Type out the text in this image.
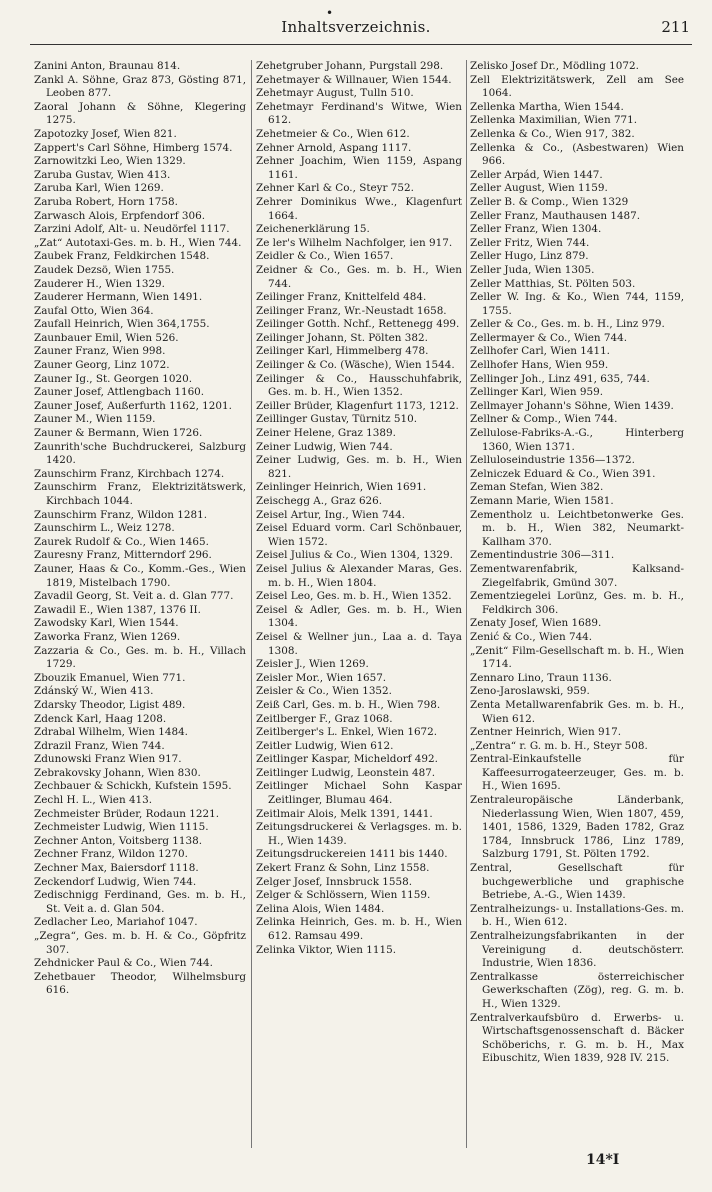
•
Inhaltsverzeichnis.	211

Zanini Anton, Braunau 814.

Zankl A. Söhne, Graz 873, Gösting 871, Leoben 877.

Zaoral Johann & Söhne, Klegering 1275.

Zapotozky Josef, Wien 821.

Zappert's Carl Söhne, Himberg 1574.

Zarnowitzki Leo, Wien 1329.

Zaruba Gustav, Wien 413.

Zaruba Karl, Wien 1269.

Zaruba Robert, Horn 1758.

Zarwasch Alois, Erpfendorf 306.

Zarzini Adolf, Alt- u. Neudörfel 1117.

„Zat“ Autotaxi-Ges. m. b. H., Wien 744.

Zaubek Franz, Feldkirchen 1548.

Zaudek Dezsö, Wien 1755.

Zauderer H., Wien 1329.

Zauderer Hermann, Wien 1491.

Zaufal Otto, Wien 364.

Zaufall Heinrich, Wien 364,1755.

Zaunbauer Emil, Wien 526.

Zauner Franz, Wien 998.

Zauner Georg, Linz 1072.

Zauner Ig., St. Georgen 1020.

Zauner Josef, Attlengbach 1160.

Zauner Josef, Außerfurth 1162, 1201.

Zauner M., Wien 1159.

Zauner & Bermann, Wien 1726.

Zaunrith'sche Buchdruckerei, Salzburg 1420.

Zaunschirm Franz, Kirchbach 1274.

Zaunschirm Franz, Elektrizitätswerk, Kirchbach 1044.

Zaunschirm Franz, Wildon 1281.

Zaunschirm L., Weiz 1278.

Zaurek Rudolf & Co., Wien 1465.

Zauresny Franz, Mitterndorf 296.

Zauner, Haas & Co., Komm.-Ges., Wien 1819, Mistelbach 1790.

Zavadil Georg, St. Veit a. d. Glan 777.

Zawadil E., Wien 1387, 1376 II.

Zawodsky Karl, Wien 1544.

Zaworka Franz, Wien 1269.

Zazzaria & Co., Ges. m. b. H., Villach 1729.

Zbouzik Emanuel, Wien 771.

Zdánský W., Wien 413.

Zdarsky Theodor, Ligist 489.

Zdenck Karl, Haag 1208.

Zdrabal Wilhelm, Wien 1484.

Zdrazil Franz, Wien 744.

Zdunowski Franz Wien 917.

Zebrakovsky Johann, Wien 830.

Zechbauer & Schickh, Kufstein 1595.

Zechl H. L., Wien 413.

Zechmeister Brüder, Rodaun 1221.

Zechmeister Ludwig, Wien 1115.

Zechner Anton, Voitsberg 1138.

Zechner Franz, Wildon 1270.

Zechner Max, Baiersdorf 1118.

Zeckendorf Ludwig, Wien 744.

Zedischnigg Ferdinand, Ges. m. b. H., St. Veit a. d. Glan 504.

Zedlacher Leo, Mariahof 1047.

„Zegra“, Ges. m. b. H. & Co., Göpfritz 307.

Zehdnicker Paul & Co., Wien 744.

Zehetbauer Theodor, Wilhelmsburg 616.

Zehetgruber Johann, Purgstall 298.

Zehetmayer & Willnauer, Wien 1544.

Zehetmayr August, Tulln 510.

Zehetmayr Ferdinand's Witwe, Wien 612.

Zehetmeier & Co., Wien 612.

Zehner Arnold, Aspang 1117.

Zehner Joachim, Wien 1159, Aspang 1161.

Zehner Karl & Co., Steyr 752.

Zehrer Dominikus Wwe., Klagenfurt 1664.

Zeichenerklärung 15.

Ze ler's Wilhelm Nachfolger, ien 917.

Zeidler & Co., Wien 1657.

Zeidner & Co., Ges. m. b. H., Wien 744.

Zeilinger Franz, Knittelfeld 484.

Zeilinger Franz, Wr.-Neustadt 1658.

Zeilinger Gotth. Nchf., Rettenegg 499.

Zeilinger Johann, St. Pölten 382.

Zeilinger Karl, Himmelberg 478.

Zeilinger & Co. (Wäsche), Wien 1544.

Zeilinger & Co., Hausschuhfabrik, Ges. m. b. H., Wien 1352.

Zeiller Brüder, Klagenfurt 1173, 1212.

Zeillinger Gustav, Türnitz 510.

Zeiner Helene, Graz 1389.

Zeiner Ludwig, Wien 744.

Zeiner Ludwig, Ges. m. b. H., Wien 821.

Zeinlinger Heinrich, Wien 1691.

Zeischegg A., Graz 626.

Zeisel Artur, Ing., Wien 744.

Zeisel Eduard vorm. Carl Schönbauer, Wien 1572.

Zeisel Julius & Co., Wien 1304, 1329.

Zeisel Julius & Alexander Maras, Ges. m. b. H., Wien 1804.

Zeisel Leo, Ges. m. b. H., Wien 1352.

Zeisel & Adler, Ges. m. b. H., Wien 1304.

Zeisel & Wellner jun., Laa a. d. Taya 1308.

Zeisler J., Wien 1269.

Zeisler Mor., Wien 1657.

Zeisler & Co., Wien 1352.

Zeiß Carl, Ges. m. b. H., Wien 798.

Zeitlberger F., Graz 1068.

Zeitlberger's L. Enkel, Wien 1672.

Zeitler Ludwig, Wien 612.

Zeitlinger Kaspar, Micheldorf 492.

Zeitlinger Ludwig, Leonstein 487.

Zeitlinger Michael Sohn Kaspar Zeitlinger, Blumau 464.

Zeitlmair Alois, Melk 1391, 1441.

Zeitungsdruckerei & Verlagsges. m. b. H., Wien 1439.

Zeitungsdruckereien 1411 bis 1440.

Zekert Franz & Sohn, Linz 1558.

Zelger Josef, Innsbruck 1558.

Zelger & Schlössern, Wien 1159.

Zelina Alois, Wien 1484.

Zelinka Heinrich, Ges. m. b. H., Wien 612. Ramsau 499.

Zelinka Viktor, Wien 1115.

Zelisko Josef Dr., Mödling 1072.

Zell Elektrizitätswerk, Zell am See 1064.

Zellenka Martha, Wien 1544.

Zellenka Maximilian, Wien 771.

Zellenka & Co., Wien 917, 382.

Zellenka & Co., (Asbestwaren) Wien 966.

Zeller Arpád, Wien 1447.

Zeller August, Wien 1159.

Zeller B. & Comp., Wien 1329

Zeller Franz, Mauthausen 1487.

Zeller Franz, Wien 1304.

Zeller Fritz, Wien 744.

Zeller Hugo, Linz 879.

Zeller Juda, Wien 1305.

Zeller Matthias, St. Pölten 503.

Zeller W. Ing. & Ko., Wien 744, 1159, 1755.

Zeller & Co., Ges. m. b. H., Linz 979.

Zellermayer & Co., Wien 744.

Zellhofer Carl, Wien 1411.

Zellhofer Hans, Wien 959.

Zellinger Joh., Linz 491, 635, 744.

Zellinger Karl, Wien 959.

Zellmayer Johann's Söhne, Wien 1439.

Zellner & Comp., Wien 744.

Zellulose-Fabriks-A.-G., Hinterberg 1360, Wien 1371.

Zelluloseindustrie 1356—1372.

Zelniczek Eduard & Co., Wien 391.

Zeman Stefan, Wien 382.

Zemann Marie, Wien 1581.

Zementholz u. Leichtbetonwerke Ges. m. b. H., Wien 382, Neumarkt-Kallham 370.

Zementindustrie 306—311.

Zementwarenfabrik, Kalksand-Ziegelfabrik, Gmünd 307.

Zementziegelei Lorünz, Ges. m. b. H., Feldkirch 306.

Zenaty Josef, Wien 1689.

Zenić & Co., Wien 744.

„Zenit“ Film-Gesellschaft m. b. H., Wien 1714.

Zennaro Lino, Traun 1136.

Zeno-Jaroslawski, 959.

Zenta Metallwarenfabrik Ges. m. b. H., Wien 612.

Zentner Heinrich, Wien 917.

„Zentra“ r. G. m. b. H., Steyr 508.

Zentral-Einkaufstelle für Kaffeesurrogateerzeuger, Ges. m. b. H., Wien 1695.

Zentraleuropäische Länderbank, Niederlassung Wien, Wien 1807, 459, 1401, 1586, 1329, Baden 1782, Graz 1784, Innsbruck 1786, Linz 1789, Salzburg 1791, St. Pölten 1792.

Zentral, Gesellschaft für buchgewerbliche und graphische Betriebe, A.-G., Wien 1439.

Zentralheizungs- u. Installations-Ges. m. b. H., Wien 612.

Zentralheizungsfabrikanten in der Vereinigung d. deutschösterr. Industrie, Wien 1836.

Zentralkasse österreichischer Gewerkschaften (Zög), reg. G. m. b. H., Wien 1329.

Zentralverkaufsbüro d. Erwerbs- u. Wirtschaftsgenossenschaft d. Bäcker Schöberichs, r. G. m. b. H., Max Eibuschitz, Wien 1839, 928 IV. 215.

14*I
